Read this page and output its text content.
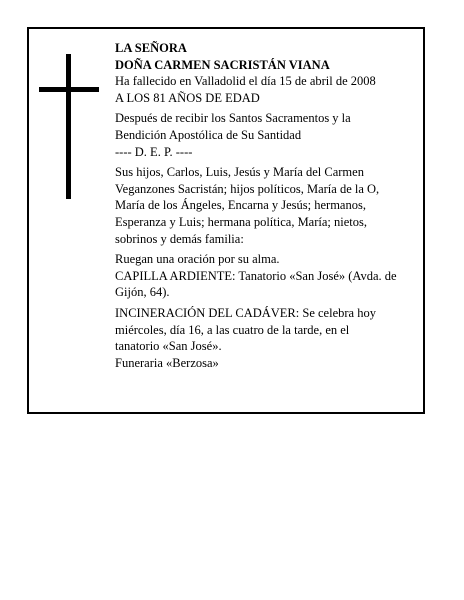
LA SEÑORA
DOÑA CARMEN SACRISTÁN VIANA
Ha fallecido en Valladolid el día 15 de abril de 2008
A LOS 81 AÑOS DE EDAD
Después de recibir los Santos Sacramentos y la
Bendición Apostólica de Su Santidad
---- D. E. P. ----
Sus hijos, Carlos, Luis, Jesús y María del Carmen
Veganzones Sacristán; hijos políticos, María de la O,
María de los Ángeles, Encarna y Jesús; hermanos,
Esperanza y Luis; hermana política, María; nietos,
sobrinos y demás familia:
Ruegan una oración por su alma.
CAPILLA ARDIENTE: Tanatorio «San José» (Avda. de
Gijón, 64).
INCINERACIÓN DEL CADÁVER: Se celebra hoy
miércoles, día 16, a las cuatro de la tarde, en el
tanatorio «San José».
Funeraria «Berzosa»
